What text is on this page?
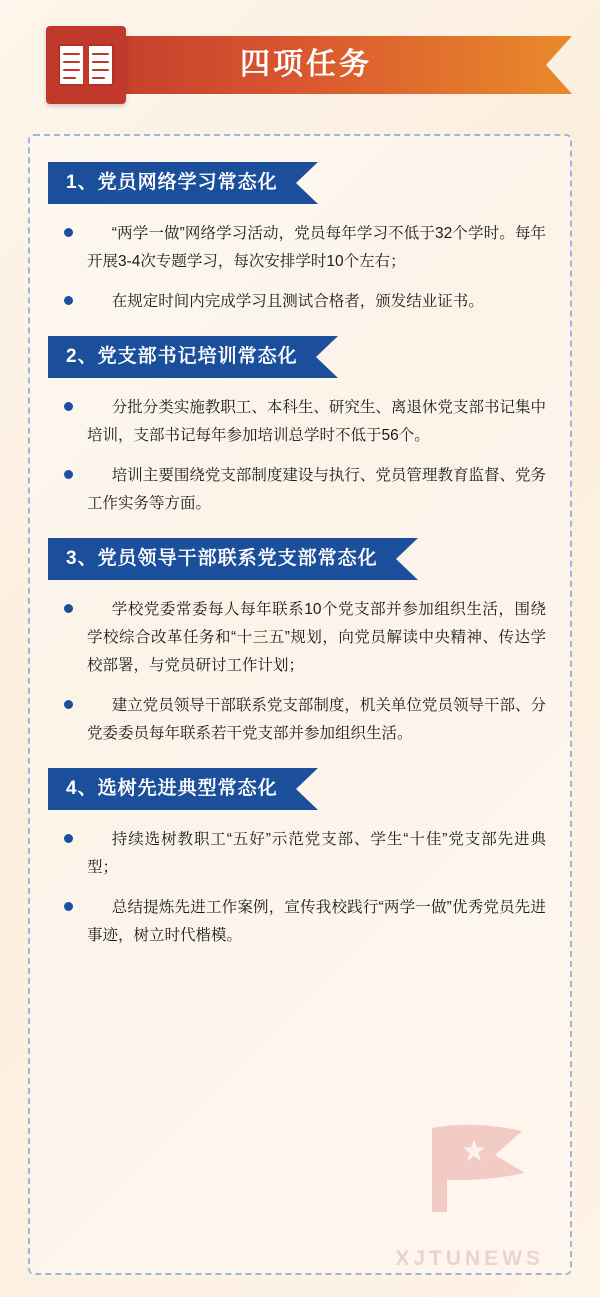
四项任务
1、党员网络学习常态化
“两学一做”网络学习活动，党员每年学习不低于32个学时。每年开展3-4次专题学习，每次安排学时10个左右；
在规定时间内完成学习且测试合格者，颁发结业证书。
2、党支部书记培训常态化
分批分类实施教职工、本科生、研究生、离退休党支部书记集中培训，支部书记每年参加培训总学时不低于56个。
培训主要围绕党支部制度建设与执行、党员管理教育监督、党务工作实务等方面。
3、党员领导干部联系党支部常态化
学校党委常委每人每年联系10个党支部并参加组织生活，围绕学校综合改革任务和“十三五”规划，向党员解读中央精神、传达学校部署，与党员研讨工作计划；
建立党员领导干部联系党支部制度，机关单位党员领导干部、分党委委员每年联系若干党支部并参加组织生活。
4、选树先进典型常态化
持续选树教职工“五好”示范党支部、学生“十佳”党支部先进典型；
总结提炼先进工作案例，宣传我校践行“两学一做”优秀党员先进事迹，树立时代楷模。
XJTUNEWS
